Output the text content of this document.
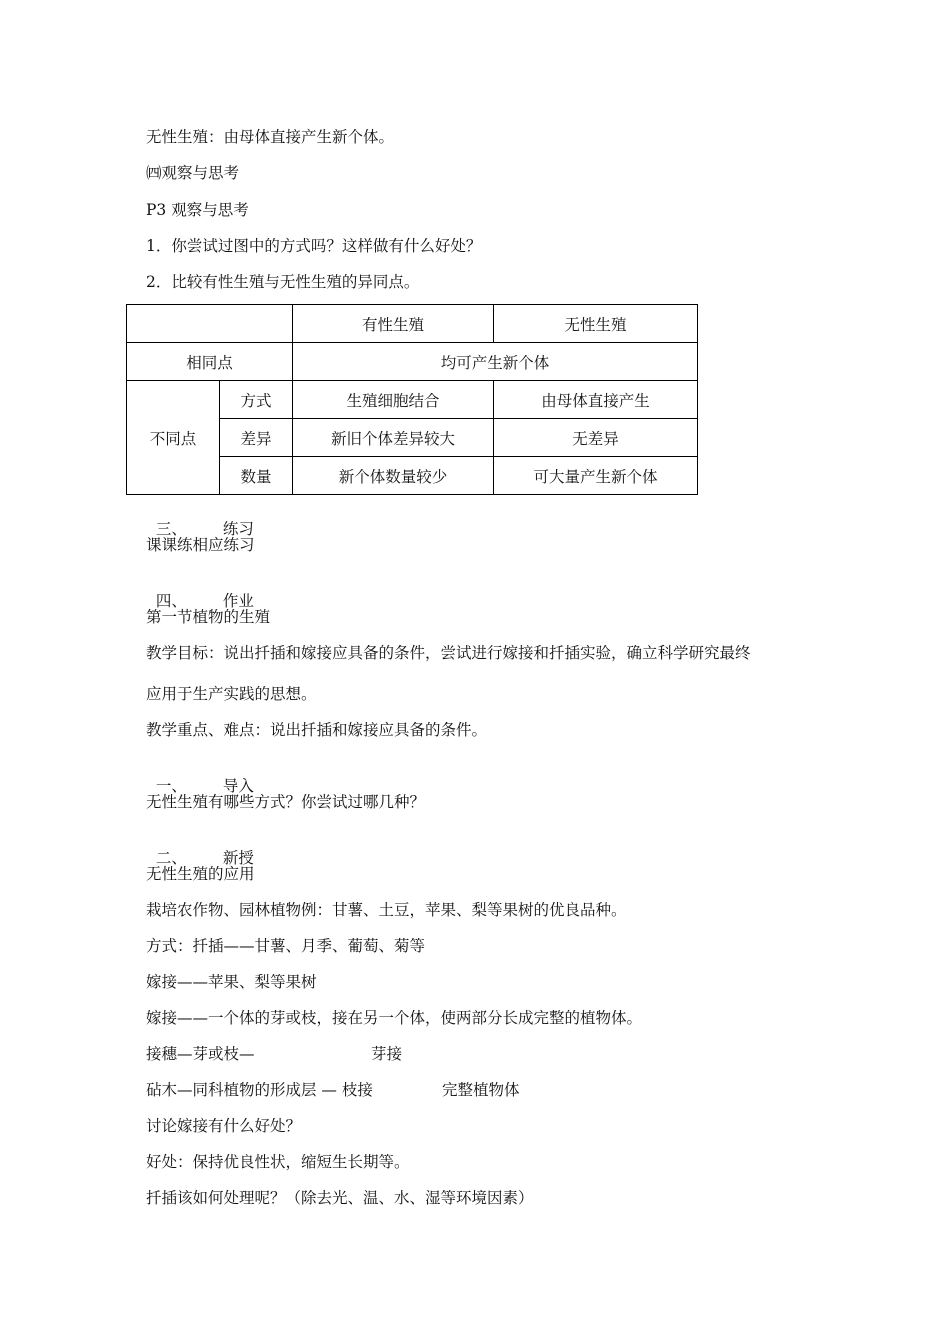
无性生殖：由母体直接产生新个体。
㈣观察与思考
P3 观察与思考
1．你尝试过图中的方式吗？这样做有什么好处？
2．比较有性生殖与无性生殖的异同点。
		有性生殖	无性生殖
相同点		均可产生新个体	
不同点	方式	生殖细胞结合	由母体直接产生
	差异	新旧个体差异较大	无差异
	数量	新个体数量较少	可大量产生新个体

三、 练习

课课练相应练习

四、 作业

第一节植物的生殖
教学目标：说出扦插和嫁接应具备的条件，尝试进行嫁接和扦插实验，确立科学研究最终
应用于生产实践的思想。
教学重点、难点：说出扦插和嫁接应具备的条件。

一、 导入

无性生殖有哪些方式？你尝试过哪几种？

二、 新授

无性生殖的应用
栽培农作物、园林植物例：甘薯、土豆，苹果、梨等果树的优良品种。
方式：扦插——甘薯、月季、葡萄、菊等
嫁接——苹果、梨等果树
嫁接——一个体的芽或枝，接在另一个体，使两部分长成完整的植物体。
接穗—芽或枝—	芽接
砧木—同科植物的形成层 — 枝接	完整植物体
讨论嫁接有什么好处？
好处：保持优良性状，缩短生长期等。
扦插该如何处理呢？（除去光、温、水、湿等环境因素）
